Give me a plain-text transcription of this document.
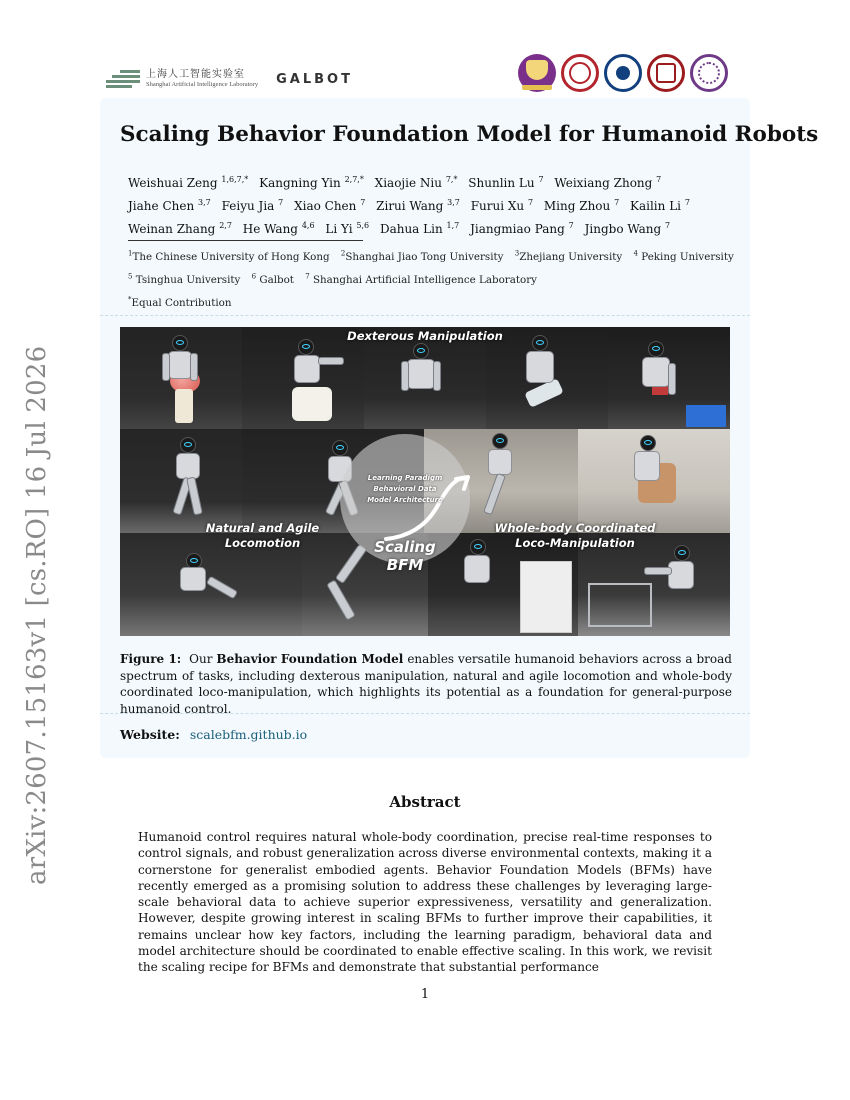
arXiv:2607.15163v1 [cs.RO] 16 Jul 2026
上海人工智能实验室
Shanghai Artificial Intelligence Laboratory GALBOT
Scaling Behavior Foundation Model for Humanoid Robots
Weishuai Zeng $^{1,6,7,*}$ Kangning Yin $^{2,7,*}$ Xiaojie Niu $^{7,*}$ Shunlin Lu $^7$ Weixiang Zhong $^7$
Jiahe Chen $^{3,7}$ Feiyu Jia $^7$ Xiao Chen $^7$ Zirui Wang $^{3,7}$ Furui Xu $^7$ Ming Zhou $^7$ Kailin Li $^7$
Weinan Zhang $^{2,7}$ He Wang $^{4,6}$ Li Yi $^{5,6}$ Dahua Lin $^{1,7}$ Jiangmiao Pang $^7$ Jingbo Wang $^7$
$^1$The Chinese University of Hong Kong $^2$Shanghai Jiao Tong University $^3$Zhejiang University $^4$ Peking University
$^5$ Tsinghua University $^6$ Galbot $^7$ Shanghai Artificial Intelligence Laboratory
*Equal Contribution
Learning Paradigm
Behavioral Data
Model Architecture
Scaling BFM
Dexterous Manipulation
Natural and Agile
Locomotion
Whole-body Coordinated
Loco-Manipulation
Figure 1: Our Behavior Foundation Model enables versatile humanoid behaviors across a broad spectrum of tasks, including dexterous manipulation, natural and agile locomotion and whole-body coordinated loco-manipulation, which highlights its potential as a foundation for general-purpose humanoid control.
Website: scalebfm.github.io
Abstract
Humanoid control requires natural whole-body coordination, precise real-time responses to control signals, and robust generalization across diverse environmental contexts, making it a cornerstone for generalist embodied agents. Behavior Foundation Models (BFMs) have recently emerged as a promising solution to address these challenges by leveraging large-scale behavioral data to achieve superior expressiveness, versatility and generalization. However, despite growing interest in scaling BFMs to further improve their capabilities, it remains unclear how key factors, including the learning paradigm, behavioral data and model architecture should be coordinated to enable effective scaling. In this work, we revisit the scaling recipe for BFMs and demonstrate that substantial performance
1
